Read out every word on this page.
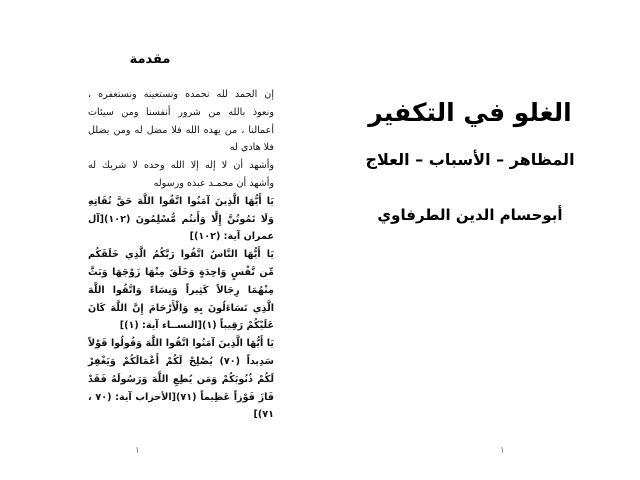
مقدمة

إن الحمد لله نحمده ونستعينه ونستغفره ، ونعوذ بالله من شرور أنفسنا ومن سيئات أعمالنا ، من يهده الله فلا مضل له ومن يضلل فلا هادي له

وأشهد أن لا إله إلا الله وحده لا شريك له وأشهد أن محمـد عبده ورسوله

يَا أَيُّهَا الَّذِينَ آمَنُوا اتَّقُوا اللَّهَ حَقَّ تُقَاتِهِ وَلَا تَمُوتُنَّ إِلَّا وَأَنتُم مُّسْلِمُونَ (١٠٢)[آل عمران آية: (١٠٢)]

يَا أَيُّهَا النَّاسُ اتَّقُوا رَبَّكُمُ الَّذِي خَلَقَكُم مِّن نَّفْسٍ وَاحِدَةٍ وَخَلَقَ مِنْهَا زَوْجَهَا وَبَثَّ مِنْهُمَا رِجَالاً كَثِيراً وَنِسَاءً وَاتَّقُوا اللَّهَ الَّذِي تَسَاءَلُونَ بِهِ وَالْأَرْحَامَ إِنَّ اللَّهَ كَانَ عَلَيْكُمْ رَقِيباً (١)[النســاء آية: (١)]

يَا أَيُّهَا الَّذِينَ آمَنُوا اتَّقُوا اللَّهَ وَقُولُوا قَوْلاً سَدِيداً (٧٠) يُصْلِحْ لَكُمْ أَعْمَالَكُمْ وَيَغْفِرْ لَكُمْ ذُنُوبَكُمْ وَمَن يُطِعِ اللَّهَ وَرَسُولَهُ فَقَدْ فَازَ فَوْزاً عَظِيماً (٧١)[الأحزاب آية: (٧٠ ، ٧١)]

١
الغلو في التكفير
المظاهر – الأسباب – العلاج
أبوحسام الدين الطرفاوي
١
